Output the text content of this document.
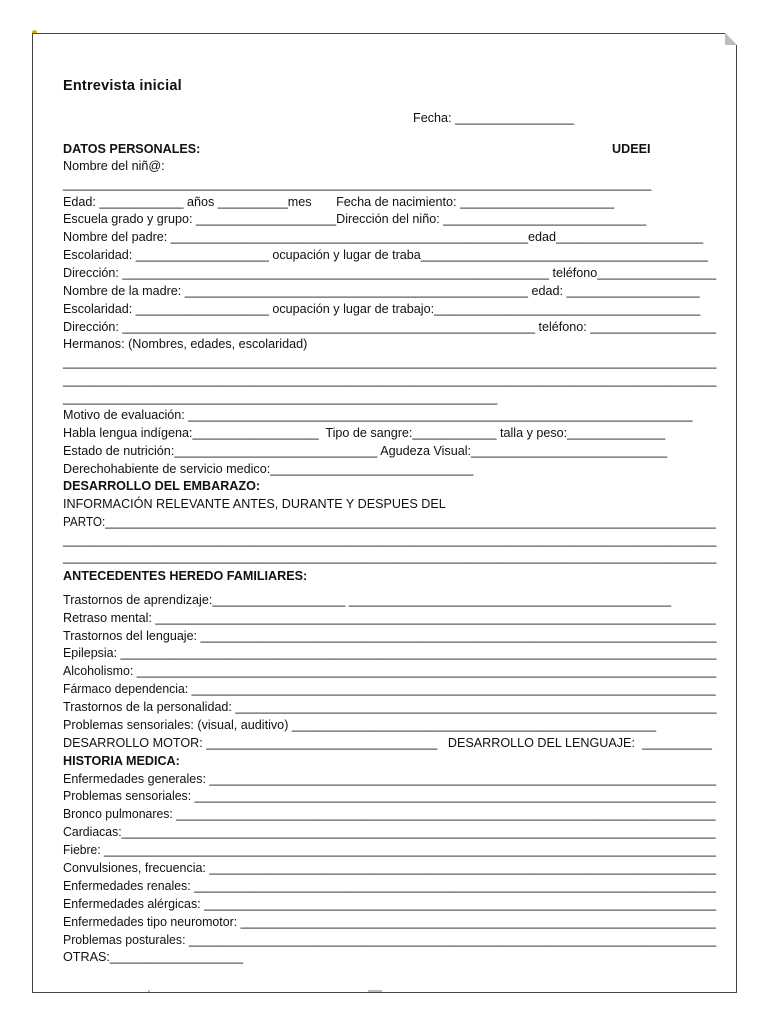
Entrevista inicial
Fecha: _________________
UDEEI
DATOS PERSONALES:
Nombre del niñ@:
____________________________________________________________________________________
Edad: ____________ años __________mes       Fecha de nacimiento: ______________________
Escuela grado y grupo: ____________________Dirección del niño: _____________________________
Nombre del padre: ___________________________________________________edad_____________________
Escolaridad: ___________________ ocupación y lugar de traba_________________________________________
Dirección: _____________________________________________________________ teléfono_________________
Nombre de la madre: _________________________________________________ edad: ___________________
Escolaridad: ___________________ ocupación y lugar de trabajo:______________________________________
Dirección: ___________________________________________________________ teléfono: __________________
Hermanos: (Nombres, edades, escolaridad)
______________________________________________________________________________________________________
______________________________________________________________________________________________________
______________________________________________________________
Motivo de evaluación: ________________________________________________________________________
Habla lengua indígena:__________________  Tipo de sangre:____________ talla y peso:______________
Estado de nutrición:_____________________________ Agudeza Visual:____________________________
Derechohabiente de servicio medico:_____________________________
DESARROLLO DEL EMBARAZO:
INFORMACIÓN RELEVANTE ANTES, DURANTE Y DESPUES DEL
PARTO:______________________________________________________________________________________________
______________________________________________________________________________________________________
_____________________________________________________________________________________________________
ANTECEDENTES HEREDO FAMILIARES:
Trastornos de aprendizaje:___________________ ______________________________________________
Retraso mental: ________________________________________________________________________________
Trastornos del lenguaje: __________________________________________________________________________
Epilepsia: ______________________________________________________________________________________
Alcoholismo: ____________________________________________________________________________________
Fármaco dependencia: _____________________________________________________________________________
Trastornos de la personalidad: _____________________________________________________________________
Problemas sensoriales: (visual, auditivo) ____________________________________________________
DESARROLLO MOTOR: _________________________________   DESARROLLO DEL LENGUAJE:  __________
HISTORIA MEDICA:
Enfermedades generales: _________________________________________________________________________
Problemas sensoriales: ____________________________________________________________________________
Bronco pulmonares: _______________________________________________________________________________
Cardiacas:_______________________________________________________________________________________
Fiebre: ___________________________________________________________________________________________
Convulsiones, frecuencia: _________________________________________________________________________
Enfermedades renales: ____________________________________________________________________________
Enfermedades alérgicas: __________________________________________________________________________
Enfermedades tipo neuromotor: _____________________________________________________________________
Problemas posturales: _____________________________________________________________________________
OTRAS:___________________
